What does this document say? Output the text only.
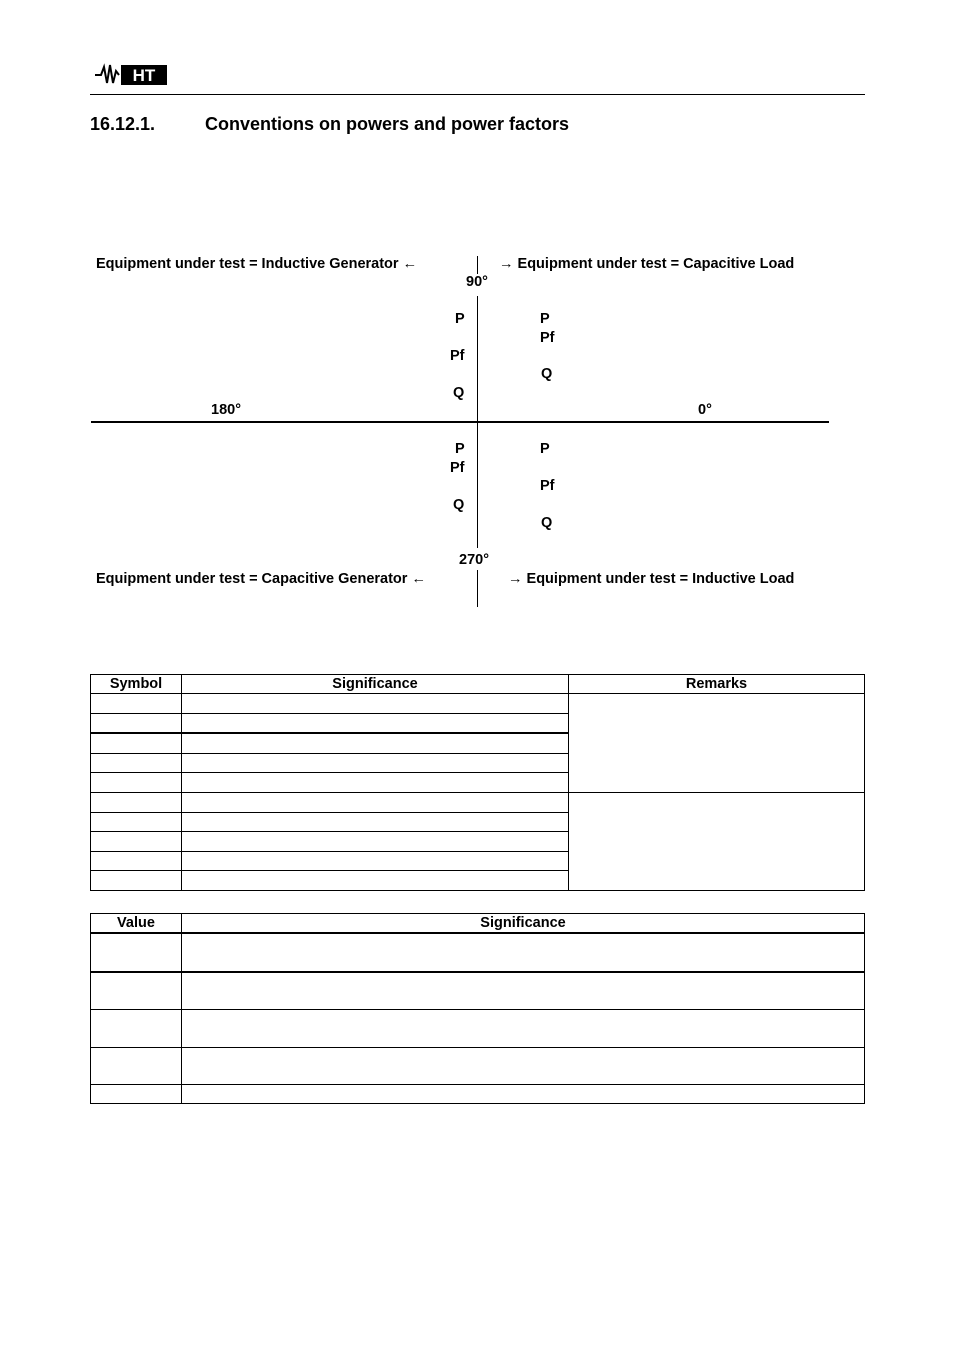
HT
16.12.1.	Conventions on powers and power factors
Equipment under test = Inductive Generator ←	→ Equipment under test = Capacitive Load
90°
P
Pf
Q
P
Pf
Q
180°	0°
P
Pf
Q
P
Pf
Q
270°
Equipment under test = Capacitive Generator ←	→ Equipment under test = Inductive Load
Symbol	Significance	Remarks

Value	Significance
